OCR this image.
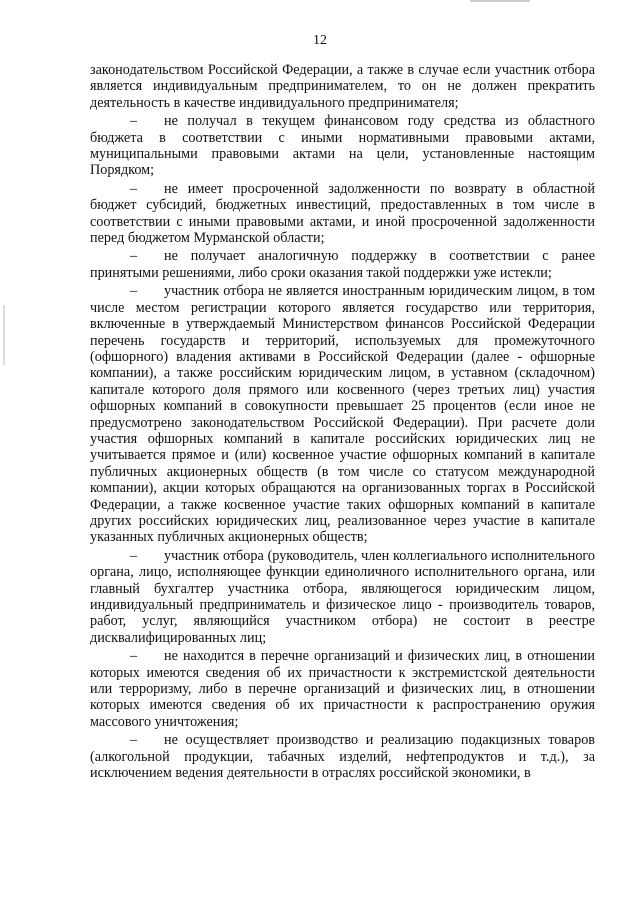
12

законодательством Российской Федерации, а также в случае если участник отбора является индивидуальным предпринимателем, то он не должен прекратить деятельность в качестве индивидуального предпринимателя;

– не получал в текущем финансовом году средства из областного бюджета в соответствии с иными нормативными правовыми актами, муниципальными правовыми актами на цели, установленные настоящим Порядком;

– не имеет просроченной задолженности по возврату в областной бюджет субсидий, бюджетных инвестиций, предоставленных в том числе в соответствии с иными правовыми актами, и иной просроченной задолженности перед бюджетом Мурманской области;

– не получает аналогичную поддержку в соответствии с ранее принятыми решениями, либо сроки оказания такой поддержки уже истекли;

– участник отбора не является иностранным юридическим лицом, в том числе местом регистрации которого является государство или территория, включенные в утверждаемый Министерством финансов Российской Федерации перечень государств и территорий, используемых для промежуточного (офшорного) владения активами в Российской Федерации (далее - офшорные компании), а также российским юридическим лицом, в уставном (складочном) капитале которого доля прямого или косвенного (через третьих лиц) участия офшорных компаний в совокупности превышает 25 процентов (если иное не предусмотрено законодательством Российской Федерации). При расчете доли участия офшорных компаний в капитале российских юридических лиц не учитывается прямое и (или) косвенное участие офшорных компаний в капитале публичных акционерных обществ (в том числе со статусом международной компании), акции которых обращаются на организованных торгах в Российской Федерации, а также косвенное участие таких офшорных компаний в капитале других российских юридических лиц, реализованное через участие в капитале указанных публичных акционерных обществ;

– участник отбора (руководитель, член коллегиального исполнительного органа, лицо, исполняющее функции единоличного исполнительного органа, или главный бухгалтер участника отбора, являющегося юридическим лицом, индивидуальный предприниматель и физическое лицо - производитель товаров, работ, услуг, являющийся участником отбора) не состоит в реестре дисквалифицированных лиц;

– не находится в перечне организаций и физических лиц, в отношении которых имеются сведения об их причастности к экстремистской деятельности или терроризму, либо в перечне организаций и физических лиц, в отношении которых имеются сведения об их причастности к распространению оружия массового уничтожения;

– не осуществляет производство и реализацию подакцизных товаров (алкогольной продукции, табачных изделий, нефтепродуктов и т.д.), за исключением ведения деятельности в отраслях российской экономики, в
